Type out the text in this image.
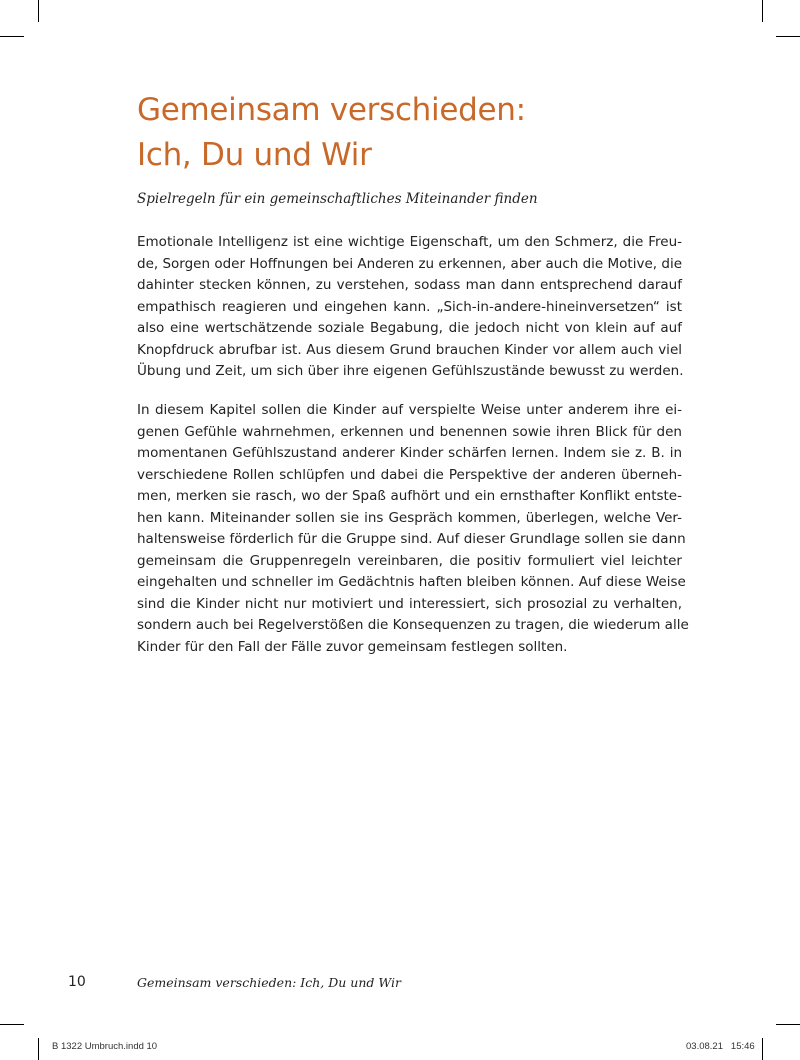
Gemeinsam verschieden:
Ich, Du und Wir

Spielregeln für ein gemeinschaftliches Miteinander finden

Emotionale Intelligenz ist eine wichtige Eigenschaft, um den Schmerz, die Freu-
de, Sorgen oder Hoffnungen bei Anderen zu erkennen, aber auch die Motive, die
dahinter stecken können, zu verstehen, sodass man dann entsprechend darauf
empathisch reagieren und eingehen kann. „Sich-in-andere-hineinversetzen“ ist
also eine wertschätzende soziale Begabung, die jedoch nicht von klein auf auf
Knopfdruck abrufbar ist. Aus diesem Grund brauchen Kinder vor allem auch viel
Übung und Zeit, um sich über ihre eigenen Gefühlszustände bewusst zu werden.
In diesem Kapitel sollen die Kinder auf verspielte Weise unter anderem ihre ei-
genen Gefühle wahrnehmen, erkennen und benennen sowie ihren Blick für den
momentanen Gefühlszustand anderer Kinder schärfen lernen. Indem sie z. B. in
verschiedene Rollen schlüpfen und dabei die Perspektive der anderen überneh-
men, merken sie rasch, wo der Spaß aufhört und ein ernsthafter Konflikt entste-
hen kann. Miteinander sollen sie ins Gespräch kommen, überlegen, welche Ver-
haltensweise förderlich für die Gruppe sind. Auf dieser Grundlage sollen sie dann
gemeinsam die Gruppenregeln vereinbaren, die positiv formuliert viel leichter
eingehalten und schneller im Gedächtnis haften bleiben können. Auf diese Weise
sind die Kinder nicht nur motiviert und interessiert, sich prosozial zu verhalten,
sondern auch bei Regelverstößen die Konsequenzen zu tragen, die wiederum alle
Kinder für den Fall der Fälle zuvor gemeinsam festlegen sollten.
10	Gemeinsam verschieden: Ich, Du und Wir
B 1322 Umbruch.indd 10	03.08.21 15:46
